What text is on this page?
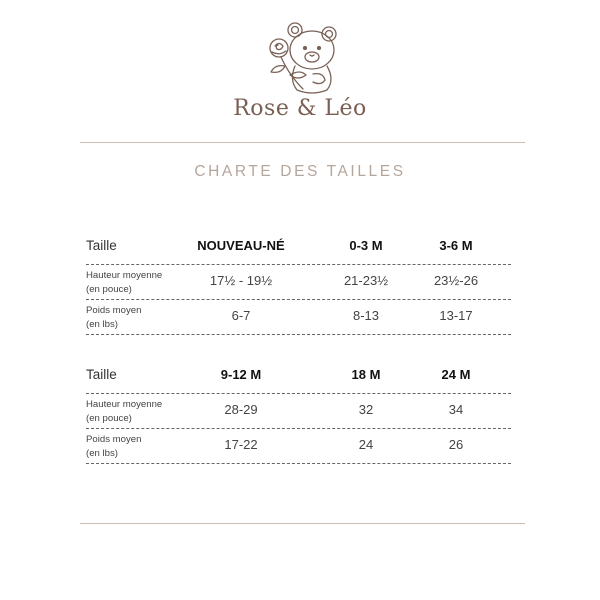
Rose & Léo
CHARTE DES TAILLES
Taille	NOUVEAU-NÉ	0-3 M	3-6 M
Hauteur moyenne
(en pouce)
17½ - 19½	21-23½	23½-26
Poids moyen
(en lbs)
6-7	8-13	13-17
Taille	9-12 M	18 M	24 M
Hauteur moyenne
(en pouce)
28-29	32	34
Poids moyen
(en lbs)
17-22	24	26
